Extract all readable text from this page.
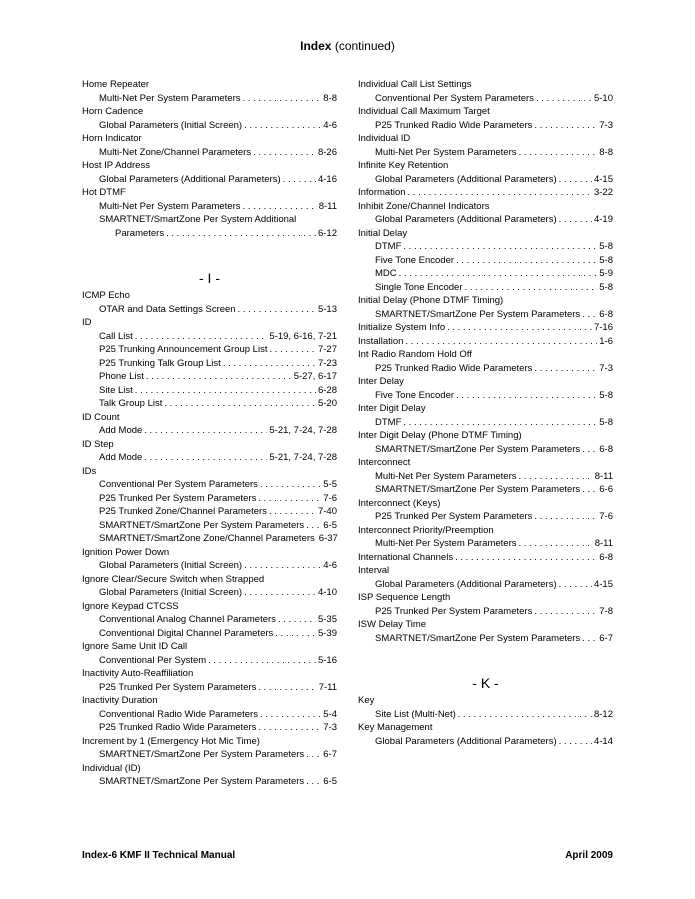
Index (continued)
Home Repeater
Multi-Net Per System Parameters . . .	8-8
Horn Cadence
Global Parameters (Initial Screen) . . .	4-6
Horn Indicator
Multi-Net Zone/Channel Parameters . . .	8-26
Host IP Address
Global Parameters (Additional Parameters) . . .	4-16
Hot DTMF
Multi-Net Per System Parameters . . .	8-11
SMARTNET/SmartZone Per System Additional
Parameters . . .	6-12
- I -
ICMP Echo
OTAR and Data Settings Screen . . .	5-13
ID
Call List . . .	5-19, 6-16, 7-21
P25 Trunking Announcement Group List . . .	7-27
P25 Trunking Talk Group List . . .	7-23
Phone List . . .	5-27, 6-17
Site List . . .	6-28
Talk Group List . . .	5-20
ID Count
Add Mode . . .	5-21, 7-24, 7-28
ID Step
Add Mode . . .	5-21, 7-24, 7-28
IDs
Conventional Per System Parameters . . .	5-5
P25 Trunked Per System Parameters . . .	7-6
P25 Trunked Zone/Channel Parameters . . .	7-40
SMARTNET/SmartZone Per System Parameters . . . 6-5
SMARTNET/SmartZone Zone/Channel Parameters 6-37
Ignition Power Down
Global Parameters (Initial Screen) . . .	4-6
Ignore Clear/Secure Switch when Strapped
Global Parameters (Initial Screen) . . .	4-10
Ignore Keypad CTCSS
Conventional Analog Channel Parameters . . .	5-35
Conventional Digital Channel Parameters . . .	5-39
Ignore Same Unit ID Call
Conventional Per System . . .	5-16
Inactivity Auto-Reaffiliation
P25 Trunked Per System Parameters . . .	7-11
Inactivity Duration
Conventional Radio Wide Parameters . . .	5-4
P25 Trunked Radio Wide Parameters . . .	7-3
Increment by 1 (Emergency Hot Mic Time)
SMARTNET/SmartZone Per System Parameters . . . 6-7
Individual (ID)
SMARTNET/SmartZone Per System Parameters . . . 6-5
Individual Call List Settings
Conventional Per System Parameters . . .	5-10
Individual Call Maximum Target
P25 Trunked Radio Wide Parameters . . .	7-3
Individual ID
Multi-Net Per System Parameters . . .	8-8
Infinite Key Retention
Global Parameters (Additional Parameters) . . .	4-15
Information . . .	3-22
Inhibit Zone/Channel Indicators
Global Parameters (Additional Parameters) . . .	4-19
Initial Delay
DTMF . . .	5-8
Five Tone Encoder . . .	5-8
MDC . . .	5-9
Single Tone Encoder . . .	5-8
Initial Delay (Phone DTMF Timing)
SMARTNET/SmartZone Per System Parameters . . . 6-8
Initialize System Info . . .	7-16
Installation . . .	1-6
Int Radio Random Hold Off
P25 Trunked Radio Wide Parameters . . .	7-3
Inter Delay
Five Tone Encoder . . .	5-8
Inter Digit Delay
DTMF . . .	5-8
Inter Digit Delay (Phone DTMF Timing)
SMARTNET/SmartZone Per System Parameters . . . 6-8
Interconnect
Multi-Net Per System Parameters . . .	8-11
SMARTNET/SmartZone Per System Parameters . . . 6-6
Interconnect (Keys)
P25 Trunked Per System Parameters . . .	7-6
Interconnect Priority/Preemption
Multi-Net Per System Parameters . . .	8-11
International Channels . . .	6-8
Interval
Global Parameters (Additional Parameters) . . .	4-15
ISP Sequence Length
P25 Trunked Per System Parameters . . .	7-8
ISW Delay Time
SMARTNET/SmartZone Per System Parameters . . . 6-7
- K -
Key
Site List (Multi-Net) . . .	8-12
Key Management
Global Parameters (Additional Parameters) . . .	4-14
Index-6 KMF II Technical Manual	April 2009
